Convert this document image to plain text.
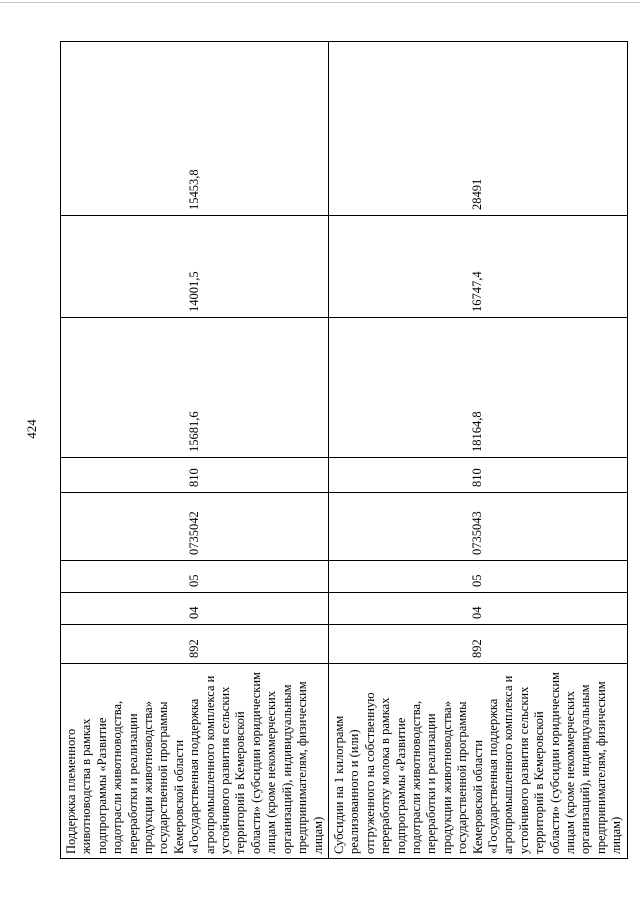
424
Поддержка племенного животноводства в рамках подпрограммы «Развитие подотрасли животноводства, переработки и реализации продукции животноводства» государственной программы Кемеровской области «Государственная поддержка агропромышленного комплекса и устойчивого развития сельских территорий в Кемеровской области» (субсидии юридическим лицам (кроме некоммерческих организаций), индивидуальным предпринимателям, физическим лицам)	892	04	05	0735042	810	15681,6	14001,5	15453,8
Субсидии на 1 килограмм реализованного и (или) отгруженного на собственную переработку молока в рамках подпрограммы «Развитие подотрасли животноводства, переработки и реализации продукции животноводства» государственной программы Кемеровской области «Государственная поддержка агропромышленного комплекса и устойчивого развития сельских территорий в Кемеровской области» (субсидии юридическим лицам (кроме некоммерческих организаций), индивидуальным предпринимателям, физическим лицам)	892	04	05	0735043	810	18164,8	16747,4	28491
